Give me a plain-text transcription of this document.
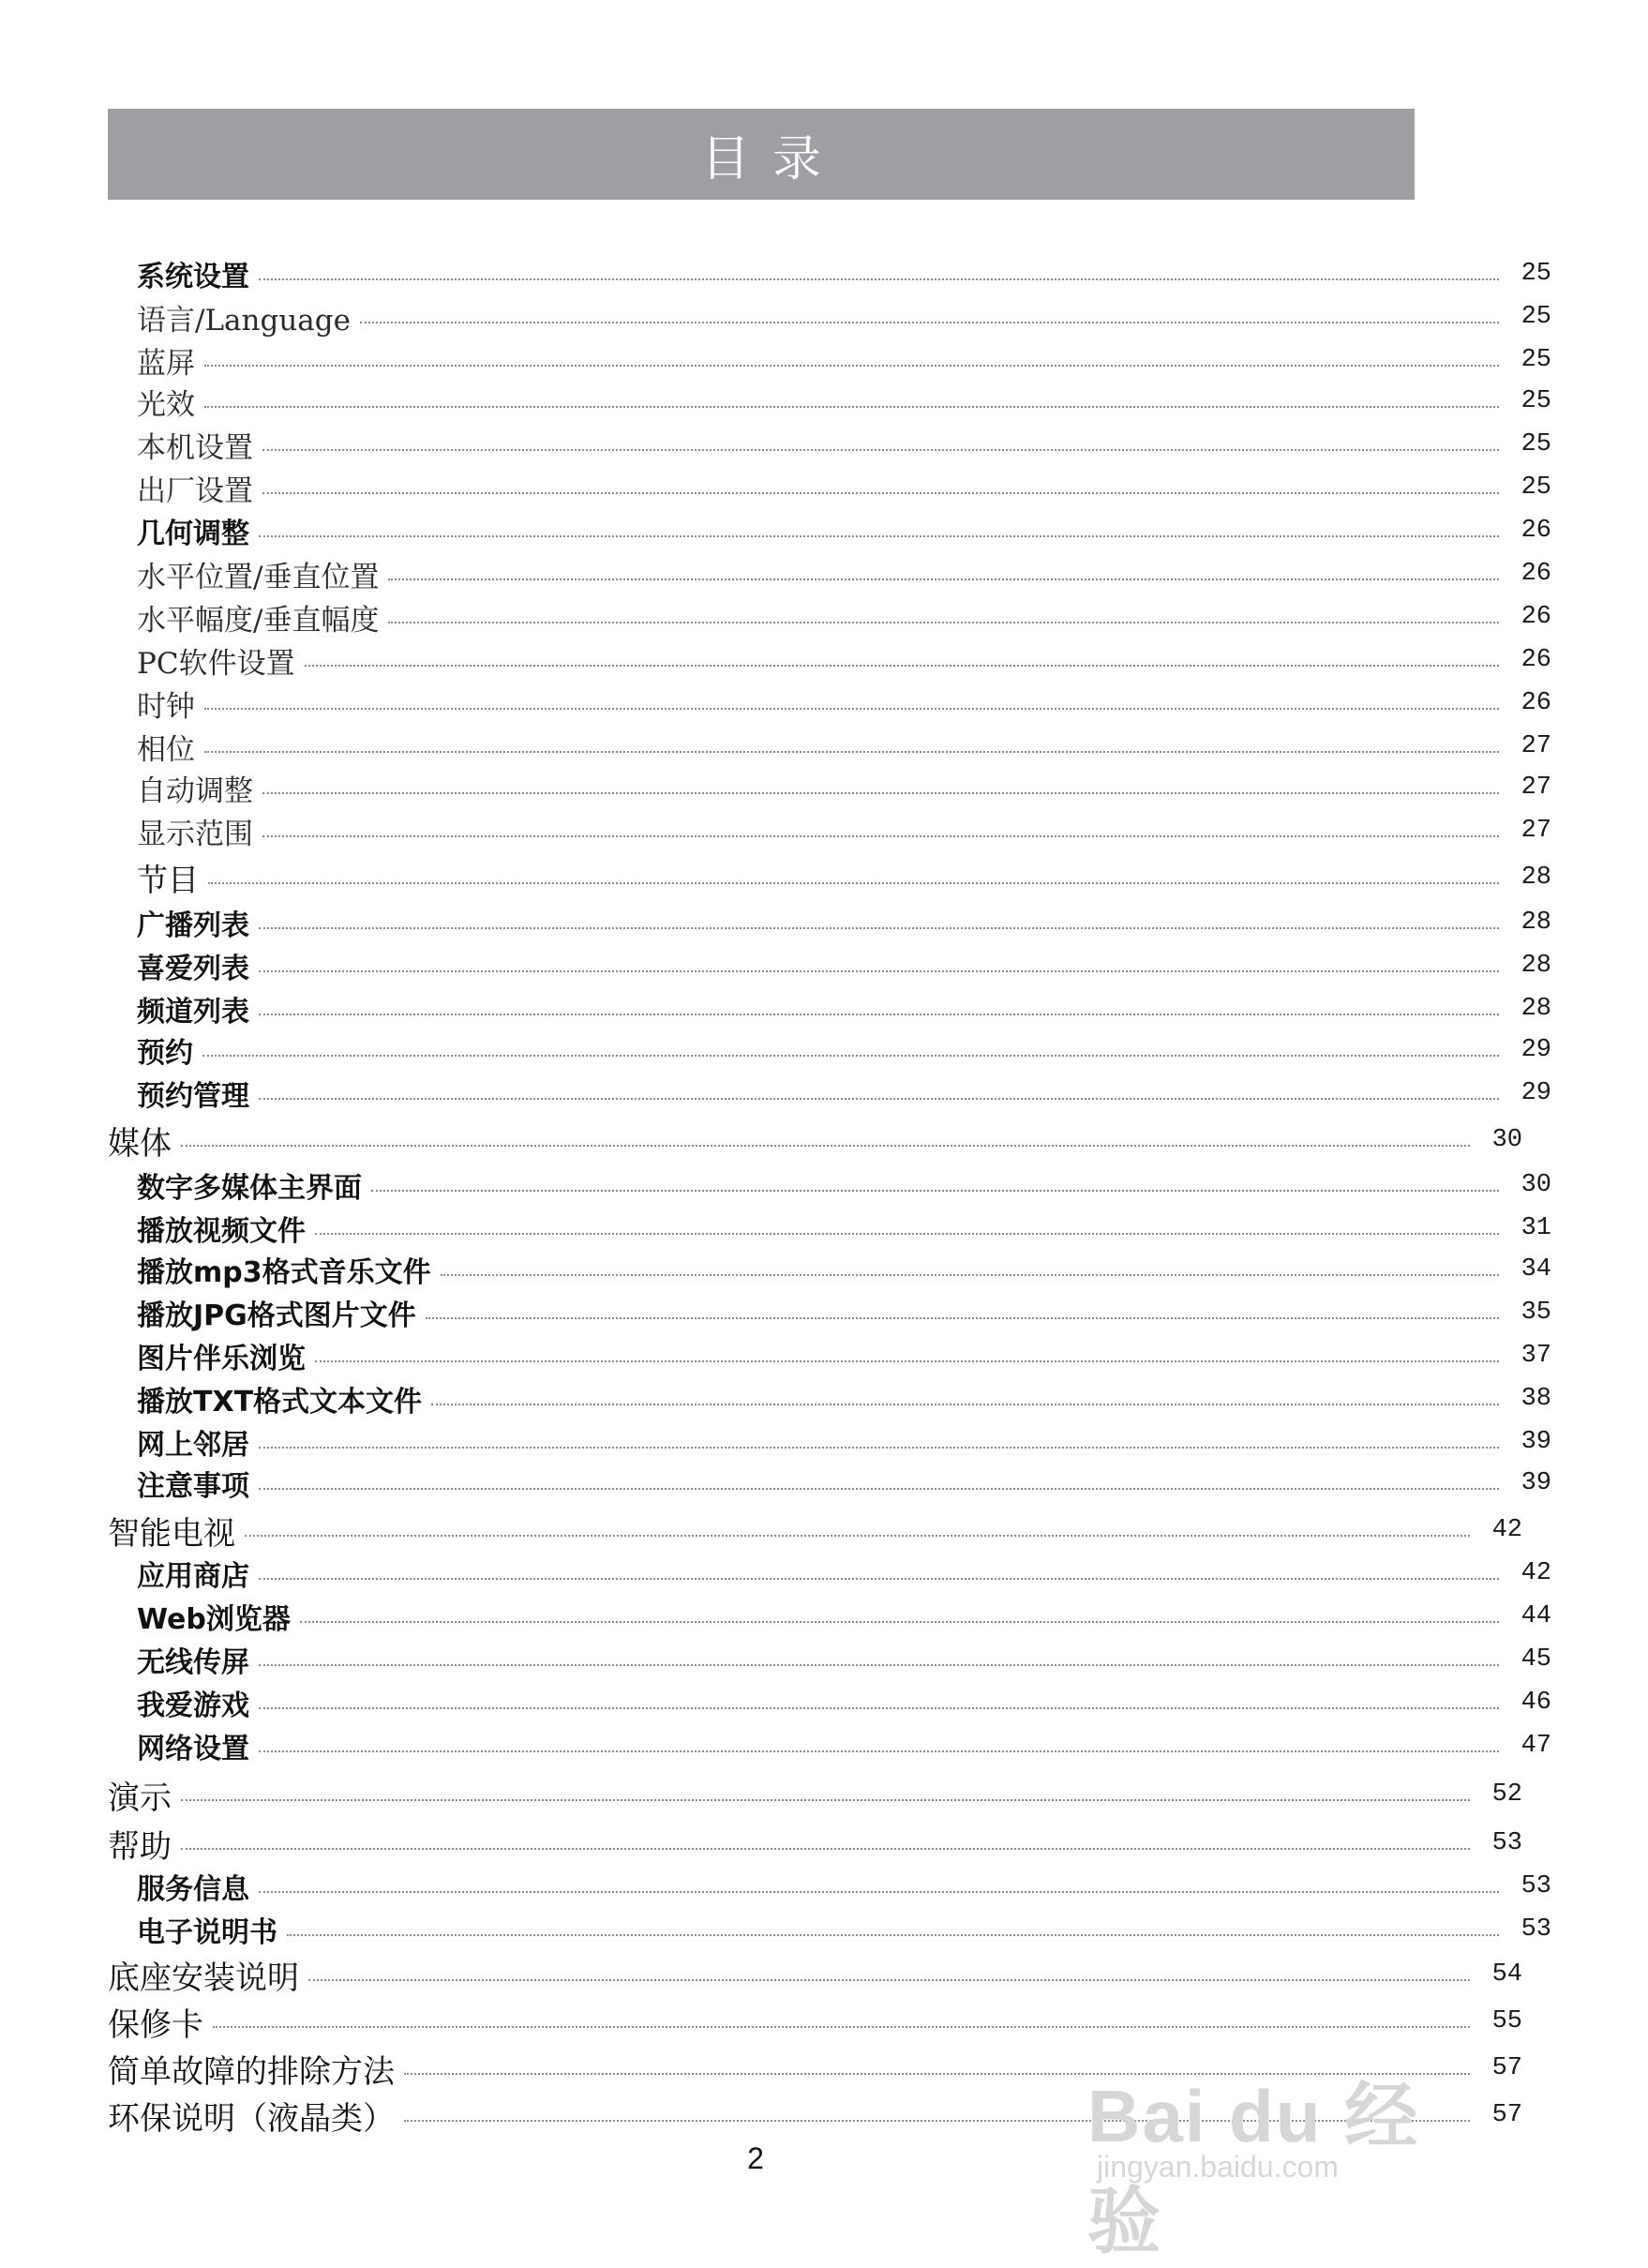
目录
系统设置	25
语言/Language	25
蓝屏	25
光效	25
本机设置	25
出厂设置	25
几何调整	26
水平位置/垂直位置	26
水平幅度/垂直幅度	26
PC软件设置	26
时钟	26
相位	27
自动调整	27
显示范围	27
节目	28
广播列表	28
喜爱列表	28
频道列表	28
预约	29
预约管理	29
媒体	30
数字多媒体主界面	30
播放视频文件	31
播放mp3格式音乐文件	34
播放JPG格式图片文件	35
图片伴乐浏览	37
播放TXT格式文本文件	38
网上邻居	39
注意事项	39
智能电视	42
应用商店	42
Web浏览器	44
无线传屏	45
我爱游戏	46
网络设置	47
演示	52
帮助	53
服务信息	53
电子说明书	53
底座安装说明	54
保修卡	55
简单故障的排除方法	57
环保说明（液晶类）	57
2
Bai du 经验
jingyan.baidu.com
